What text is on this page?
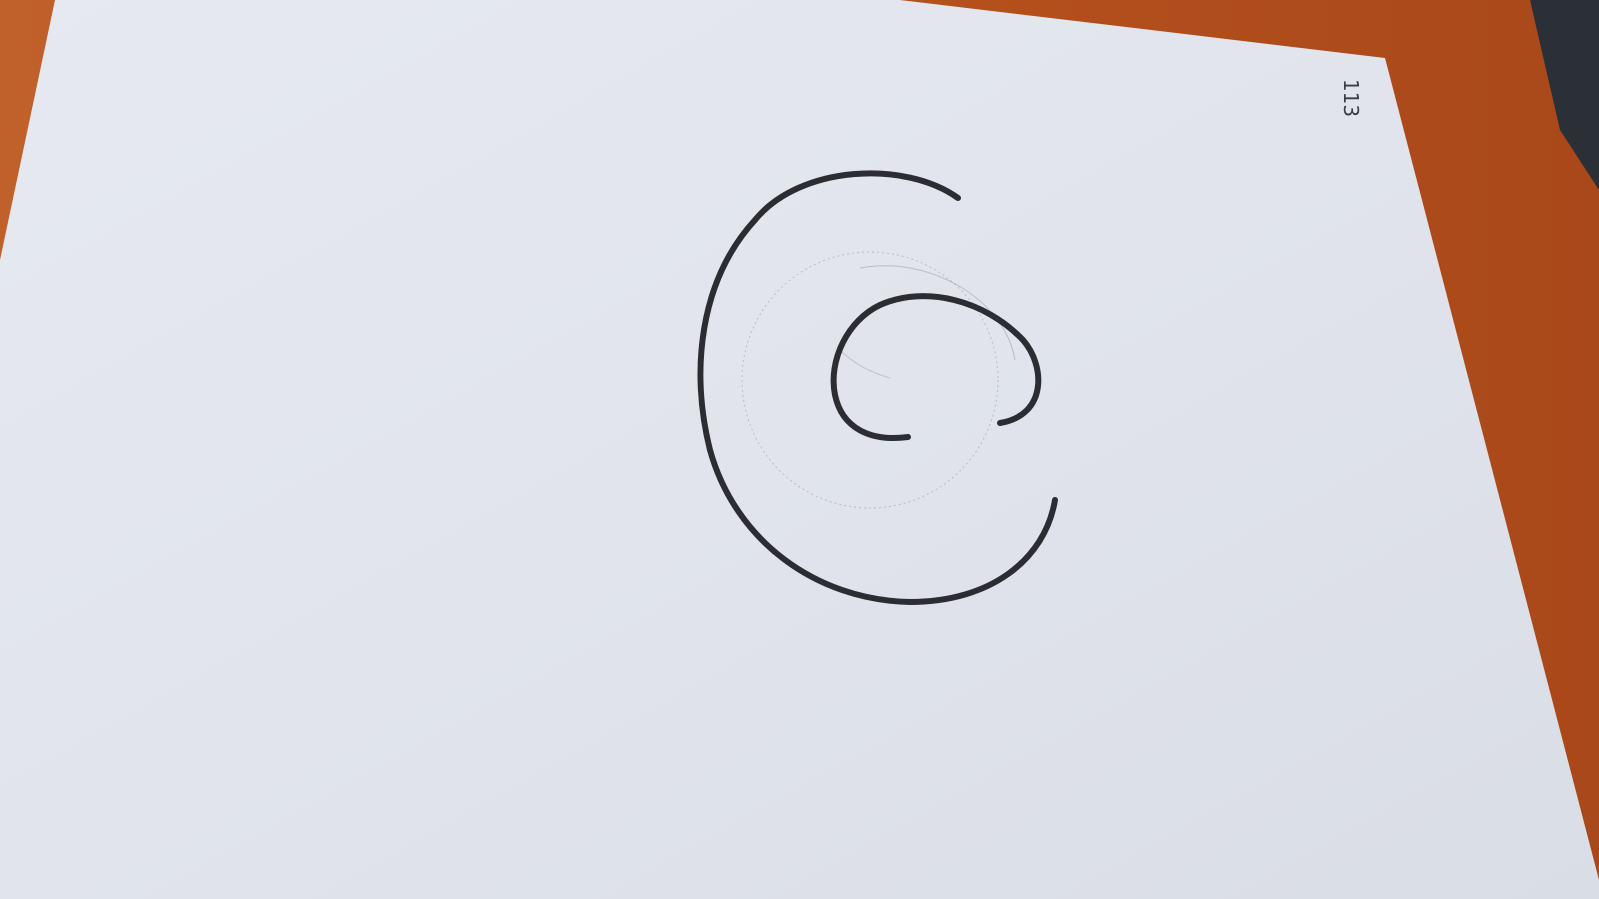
113
